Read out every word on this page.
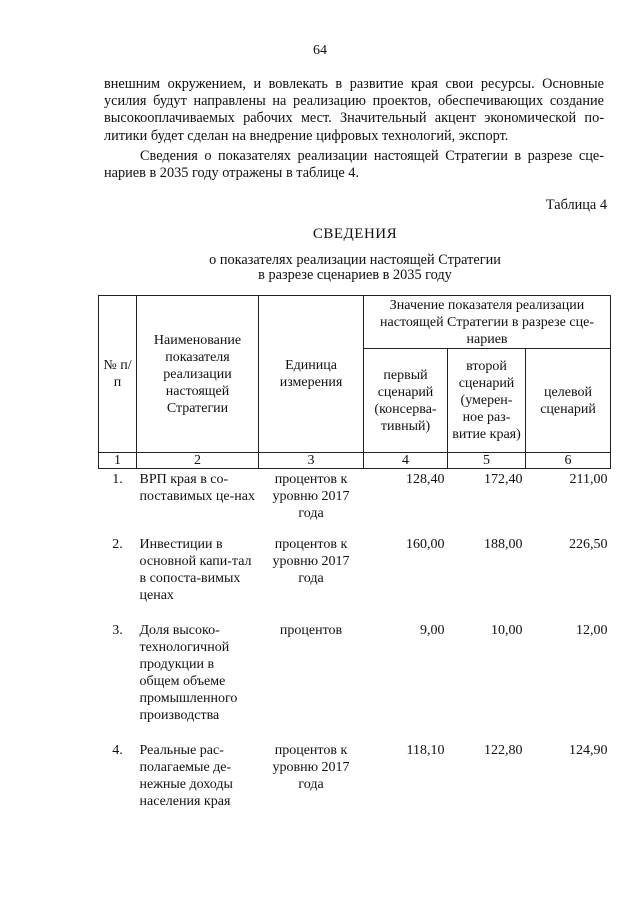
64
внешним окружением, и вовлекать в развитие края свои ресурсы. Основные
усилия будут направлены на реализацию проектов, обеспечивающих создание
высокооплачиваемых рабочих мест. Значительный акцент экономической по-
литики будет сделан на внедрение цифровых технологий, экспорт.
Сведения о показателях реализации настоящей Стратегии в разрезе сце-
нариев в 2035 году отражены в таблице 4.
Таблица 4
СВЕДЕНИЯ
о показателях реализации настоящей Стратегии
в разрезе сценариев в 2035 году
№ п/п	Наименование показателя реализации настоящей Стратегии	Единица измерения	Значение показателя реализации настоящей Стратегии в разрезе сце-нариев		
			первый сценарий (консерва-тивный)	второй сценарий (умерен-ное раз-витие края)	целевой сценарий
1	2	3	4	5	6
1.	ВРП края в со-поставимых це-нах	процентов к уровню 2017 года	128,40	172,40	211,00
2.	Инвестиции в основной капи-тал в сопоста-вимых ценах	процентов к уровню 2017 года	160,00	188,00	226,50
3.	Доля высоко-технологичной продукции в общем объеме промышленного производства	процентов	9,00	10,00	12,00
4.	Реальные рас-полагаемые де-нежные доходы населения края	процентов к уровню 2017 года	118,10	122,80	124,90
